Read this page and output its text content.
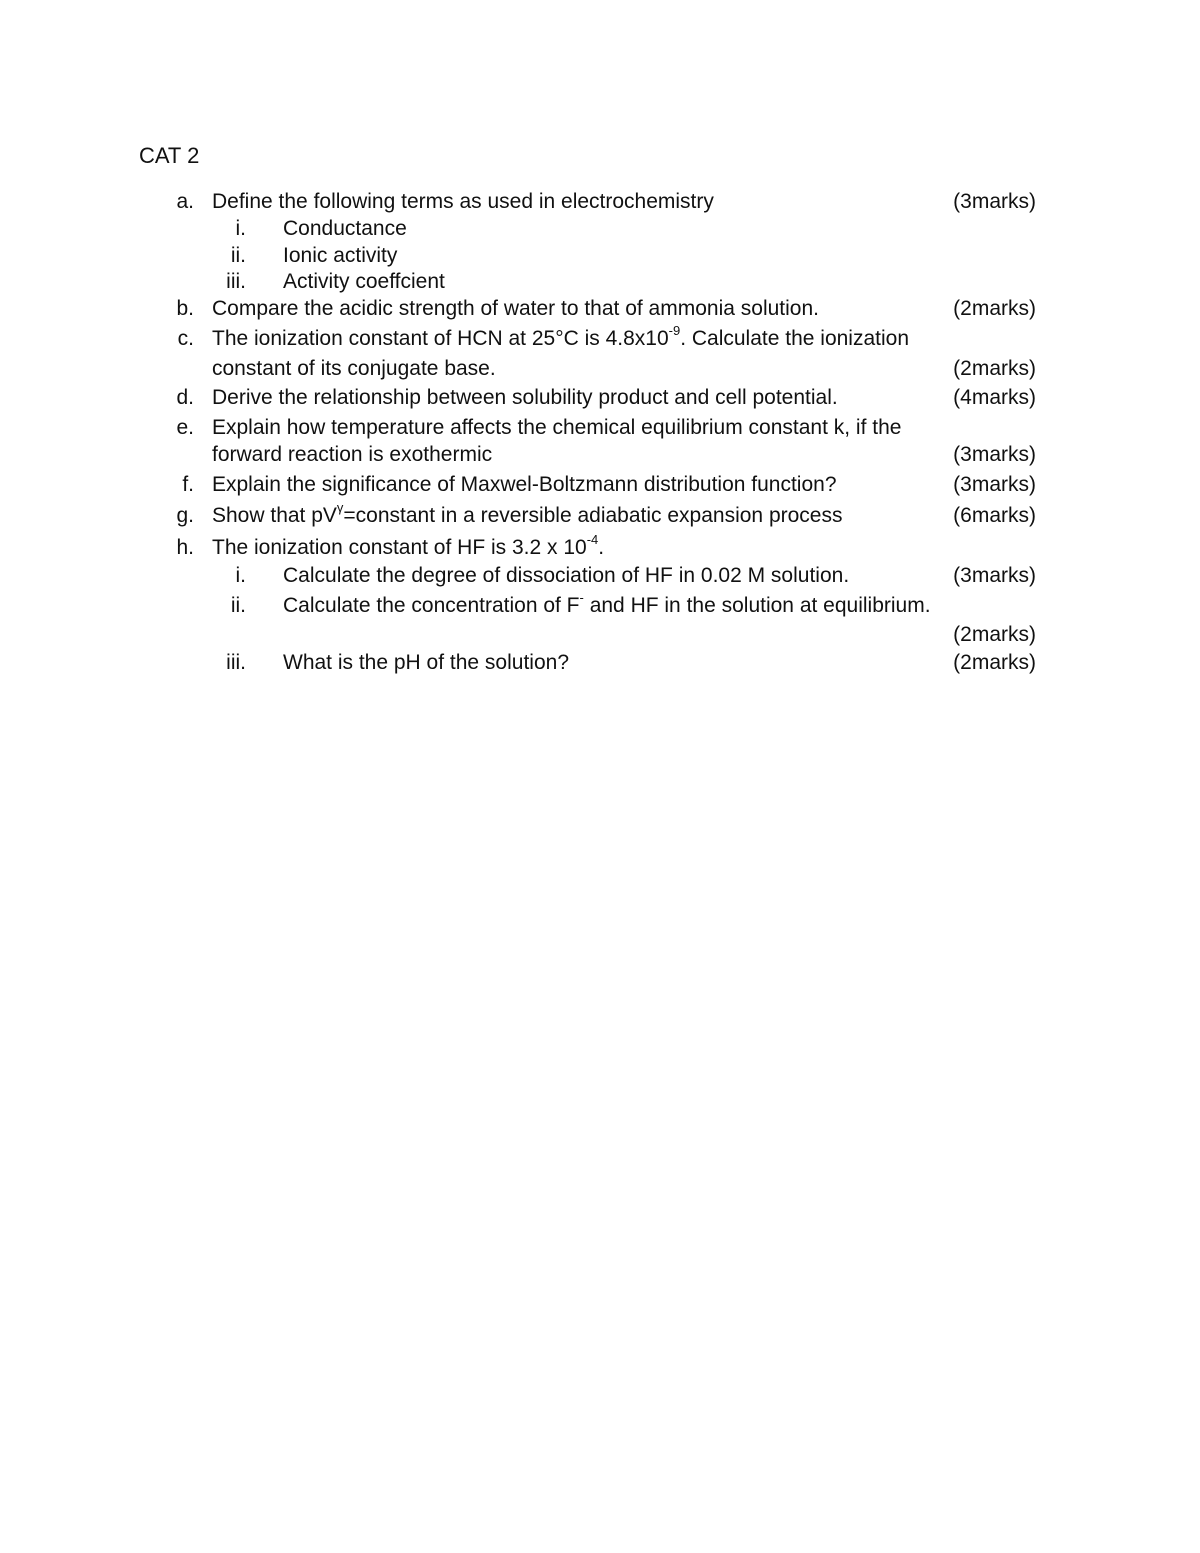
CAT 2
a. Define the following terms as used in electrochemistry	(3marks)
i. Conductance
ii. Ionic activity
iii. Activity coeffcient
b. Compare the acidic strength of water to that of ammonia solution.	(2marks)
c. The ionization constant of HCN at 25°C is $4.8x10^{-9}$. Calculate the ionization
constant of its conjugate base.	(2marks)
d. Derive the relationship between solubility product and cell potential.	(4marks)
e. Explain how temperature affects the chemical equilibrium constant k, if the
forward reaction is exothermic	(3marks)
f. Explain the significance of Maxwel-Boltzmann distribution function?	(3marks)
g. Show that $pV^\gamma=constant$ in a reversible adiabatic expansion process	(6marks)
h. The ionization constant of HF is 3.2 x $10^{-4}$.
i. Calculate the degree of dissociation of HF in 0.02 M solution.	(3marks)
ii. Calculate the concentration of F- and HF in the solution at equilibrium.
(2marks)
iii. What is the pH of the solution?	(2marks)
